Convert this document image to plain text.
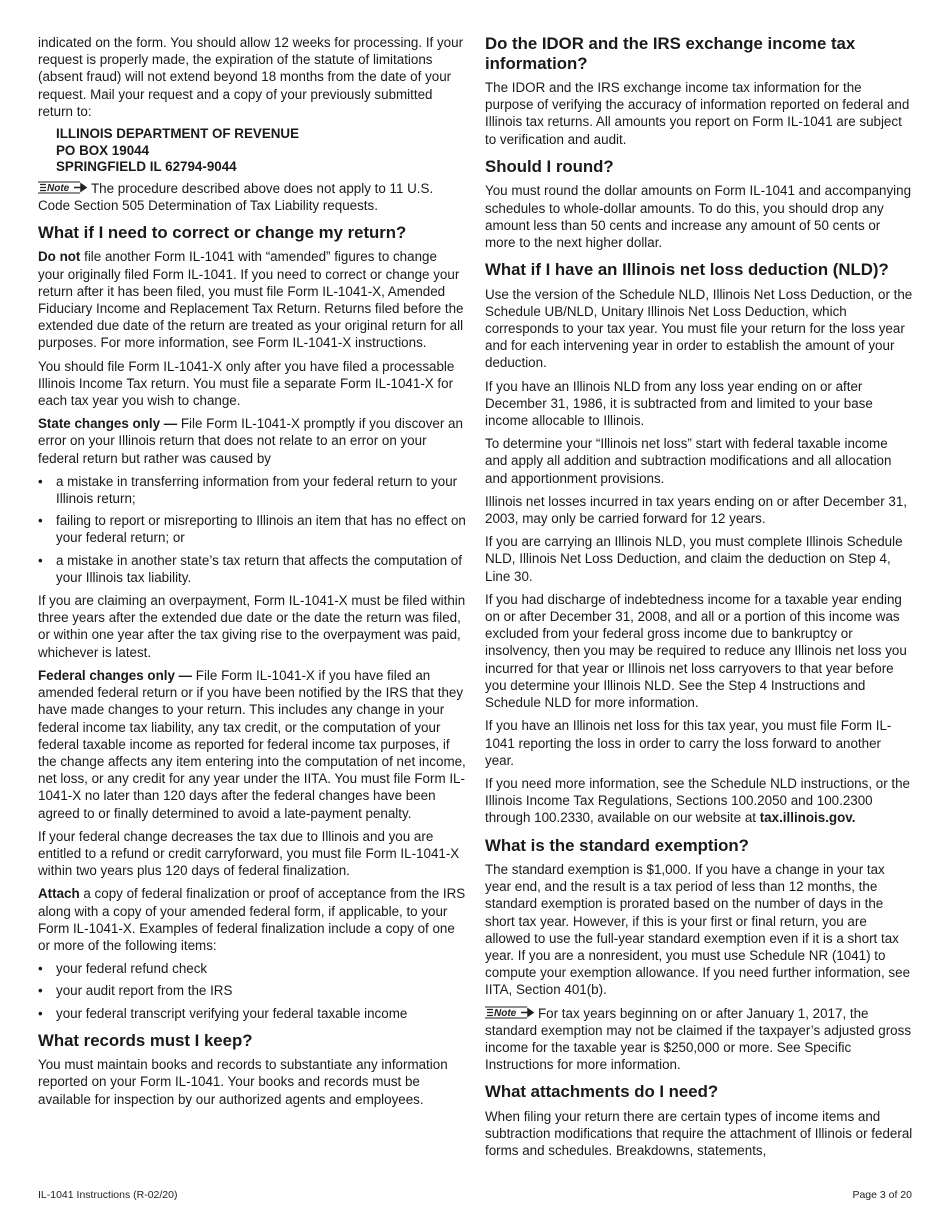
indicated on the form. You should allow 12 weeks for processing. If your request is properly made, the expiration of the statute of limitations (absent fraud) will not extend beyond 18 months from the date of your request. Mail your request and a copy of your previously submitted return to:

ILLINOIS DEPARTMENT OF REVENUE
PO BOX 19044
SPRINGFIELD IL 62794-9044

Note The procedure described above does not apply to 11 U.S. Code Section 505 Determination of Tax Liability requests.

What if I need to correct or change my return?

Do not file another Form IL-1041 with “amended” figures to change your originally filed Form IL-1041. If you need to correct or change your return after it has been filed, you must file Form IL-1041-X, Amended Fiduciary Income and Replacement Tax Return. Returns filed before the extended due date of the return are treated as your original return for all purposes. For more information, see Form IL-1041-X instructions.

You should file Form IL-1041-X only after you have filed a processable Illinois Income Tax return. You must file a separate Form IL-1041-X for each tax year you wish to change.

State changes only — File Form IL-1041-X promptly if you discover an error on your Illinois return that does not relate to an error on your federal return but rather was caused by

• a mistake in transferring information from your federal return to your Illinois return;
• failing to report or misreporting to Illinois an item that has no effect on your federal return; or
• a mistake in another state’s tax return that affects the computation of your Illinois tax liability.

If you are claiming an overpayment, Form IL-1041-X must be filed within three years after the extended due date or the date the return was filed, or within one year after the tax giving rise to the overpayment was paid, whichever is latest.

Federal changes only — File Form IL-1041-X if you have filed an amended federal return or if you have been notified by the IRS that they have made changes to your return. This includes any change in your federal income tax liability, any tax credit, or the computation of your federal taxable income as reported for federal income tax purposes, if the change affects any item entering into the computation of net income, net loss, or any credit for any year under the IITA. You must file Form IL-1041-X no later than 120 days after the federal changes have been agreed to or finally determined to avoid a late-payment penalty.

If your federal change decreases the tax due to Illinois and you are entitled to a refund or credit carryforward, you must file Form IL-1041-X within two years plus 120 days of federal finalization.

Attach a copy of federal finalization or proof of acceptance from the IRS along with a copy of your amended federal form, if applicable, to your Form IL-1041-X. Examples of federal finalization include a copy of one or more of the following items:

• your federal refund check
• your audit report from the IRS
• your federal transcript verifying your federal taxable income
What records must I keep?

You must maintain books and records to substantiate any information reported on your Form IL-1041. Your books and records must be available for inspection by our authorized agents and employees.

Do the IDOR and the IRS exchange income tax information?

The IDOR and the IRS exchange income tax information for the purpose of verifying the accuracy of information reported on federal and Illinois tax returns. All amounts you report on Form IL-1041 are subject to verification and audit.

Should I round?

You must round the dollar amounts on Form IL-1041 and accompanying schedules to whole-dollar amounts. To do this, you should drop any amount less than 50 cents and increase any amount of 50 cents or more to the next higher dollar.

What if I have an Illinois net loss deduction (NLD)?

Use the version of the Schedule NLD, Illinois Net Loss Deduction, or the Schedule UB/NLD, Unitary Illinois Net Loss Deduction, which corresponds to your tax year. You must file your return for the loss year and for each intervening year in order to establish the amount of your deduction.

If you have an Illinois NLD from any loss year ending on or after December 31, 1986, it is subtracted from and limited to your base income allocable to Illinois.

To determine your “Illinois net loss” start with federal taxable income and apply all addition and subtraction modifications and all allocation and apportionment provisions.

Illinois net losses incurred in tax years ending on or after December 31, 2003, may only be carried forward for 12 years.

If you are carrying an Illinois NLD, you must complete Illinois Schedule NLD, Illinois Net Loss Deduction, and claim the deduction on Step 4, Line 30.

If you had discharge of indebtedness income for a taxable year ending on or after December 31, 2008, and all or a portion of this income was excluded from your federal gross income due to bankruptcy or insolvency, then you may be required to reduce any Illinois net loss you incurred for that year or Illinois net loss carryovers to that year before you determine your Illinois NLD. See the Step 4 Instructions and Schedule NLD for more information.

If you have an Illinois net loss for this tax year, you must file Form IL-1041 reporting the loss in order to carry the loss forward to another year.

If you need more information, see the Schedule NLD instructions, or the Illinois Income Tax Regulations, Sections 100.2050 and 100.2300 through 100.2330, available on our website at tax.illinois.gov.

What is the standard exemption?

The standard exemption is $1,000. If you have a change in your tax year end, and the result is a tax period of less than 12 months, the standard exemption is prorated based on the number of days in the short tax year. However, if this is your first or final return, you are allowed to use the full-year standard exemption even if it is a short tax year. If you are a nonresident, you must use Schedule NR (1041) to compute your exemption allowance. If you need further information, see IITA, Section 401(b).

Note For tax years beginning on or after January 1, 2017, the standard exemption may not be claimed if the taxpayer’s adjusted gross income for the taxable year is $250,000 or more. See Specific Instructions for more information.

What attachments do I need?

When filing your return there are certain types of income items and subtraction modifications that require the attachment of Illinois or federal forms and schedules. Breakdowns, statements,

IL-1041 Instructions (R-02/20)	Page 3 of 20
